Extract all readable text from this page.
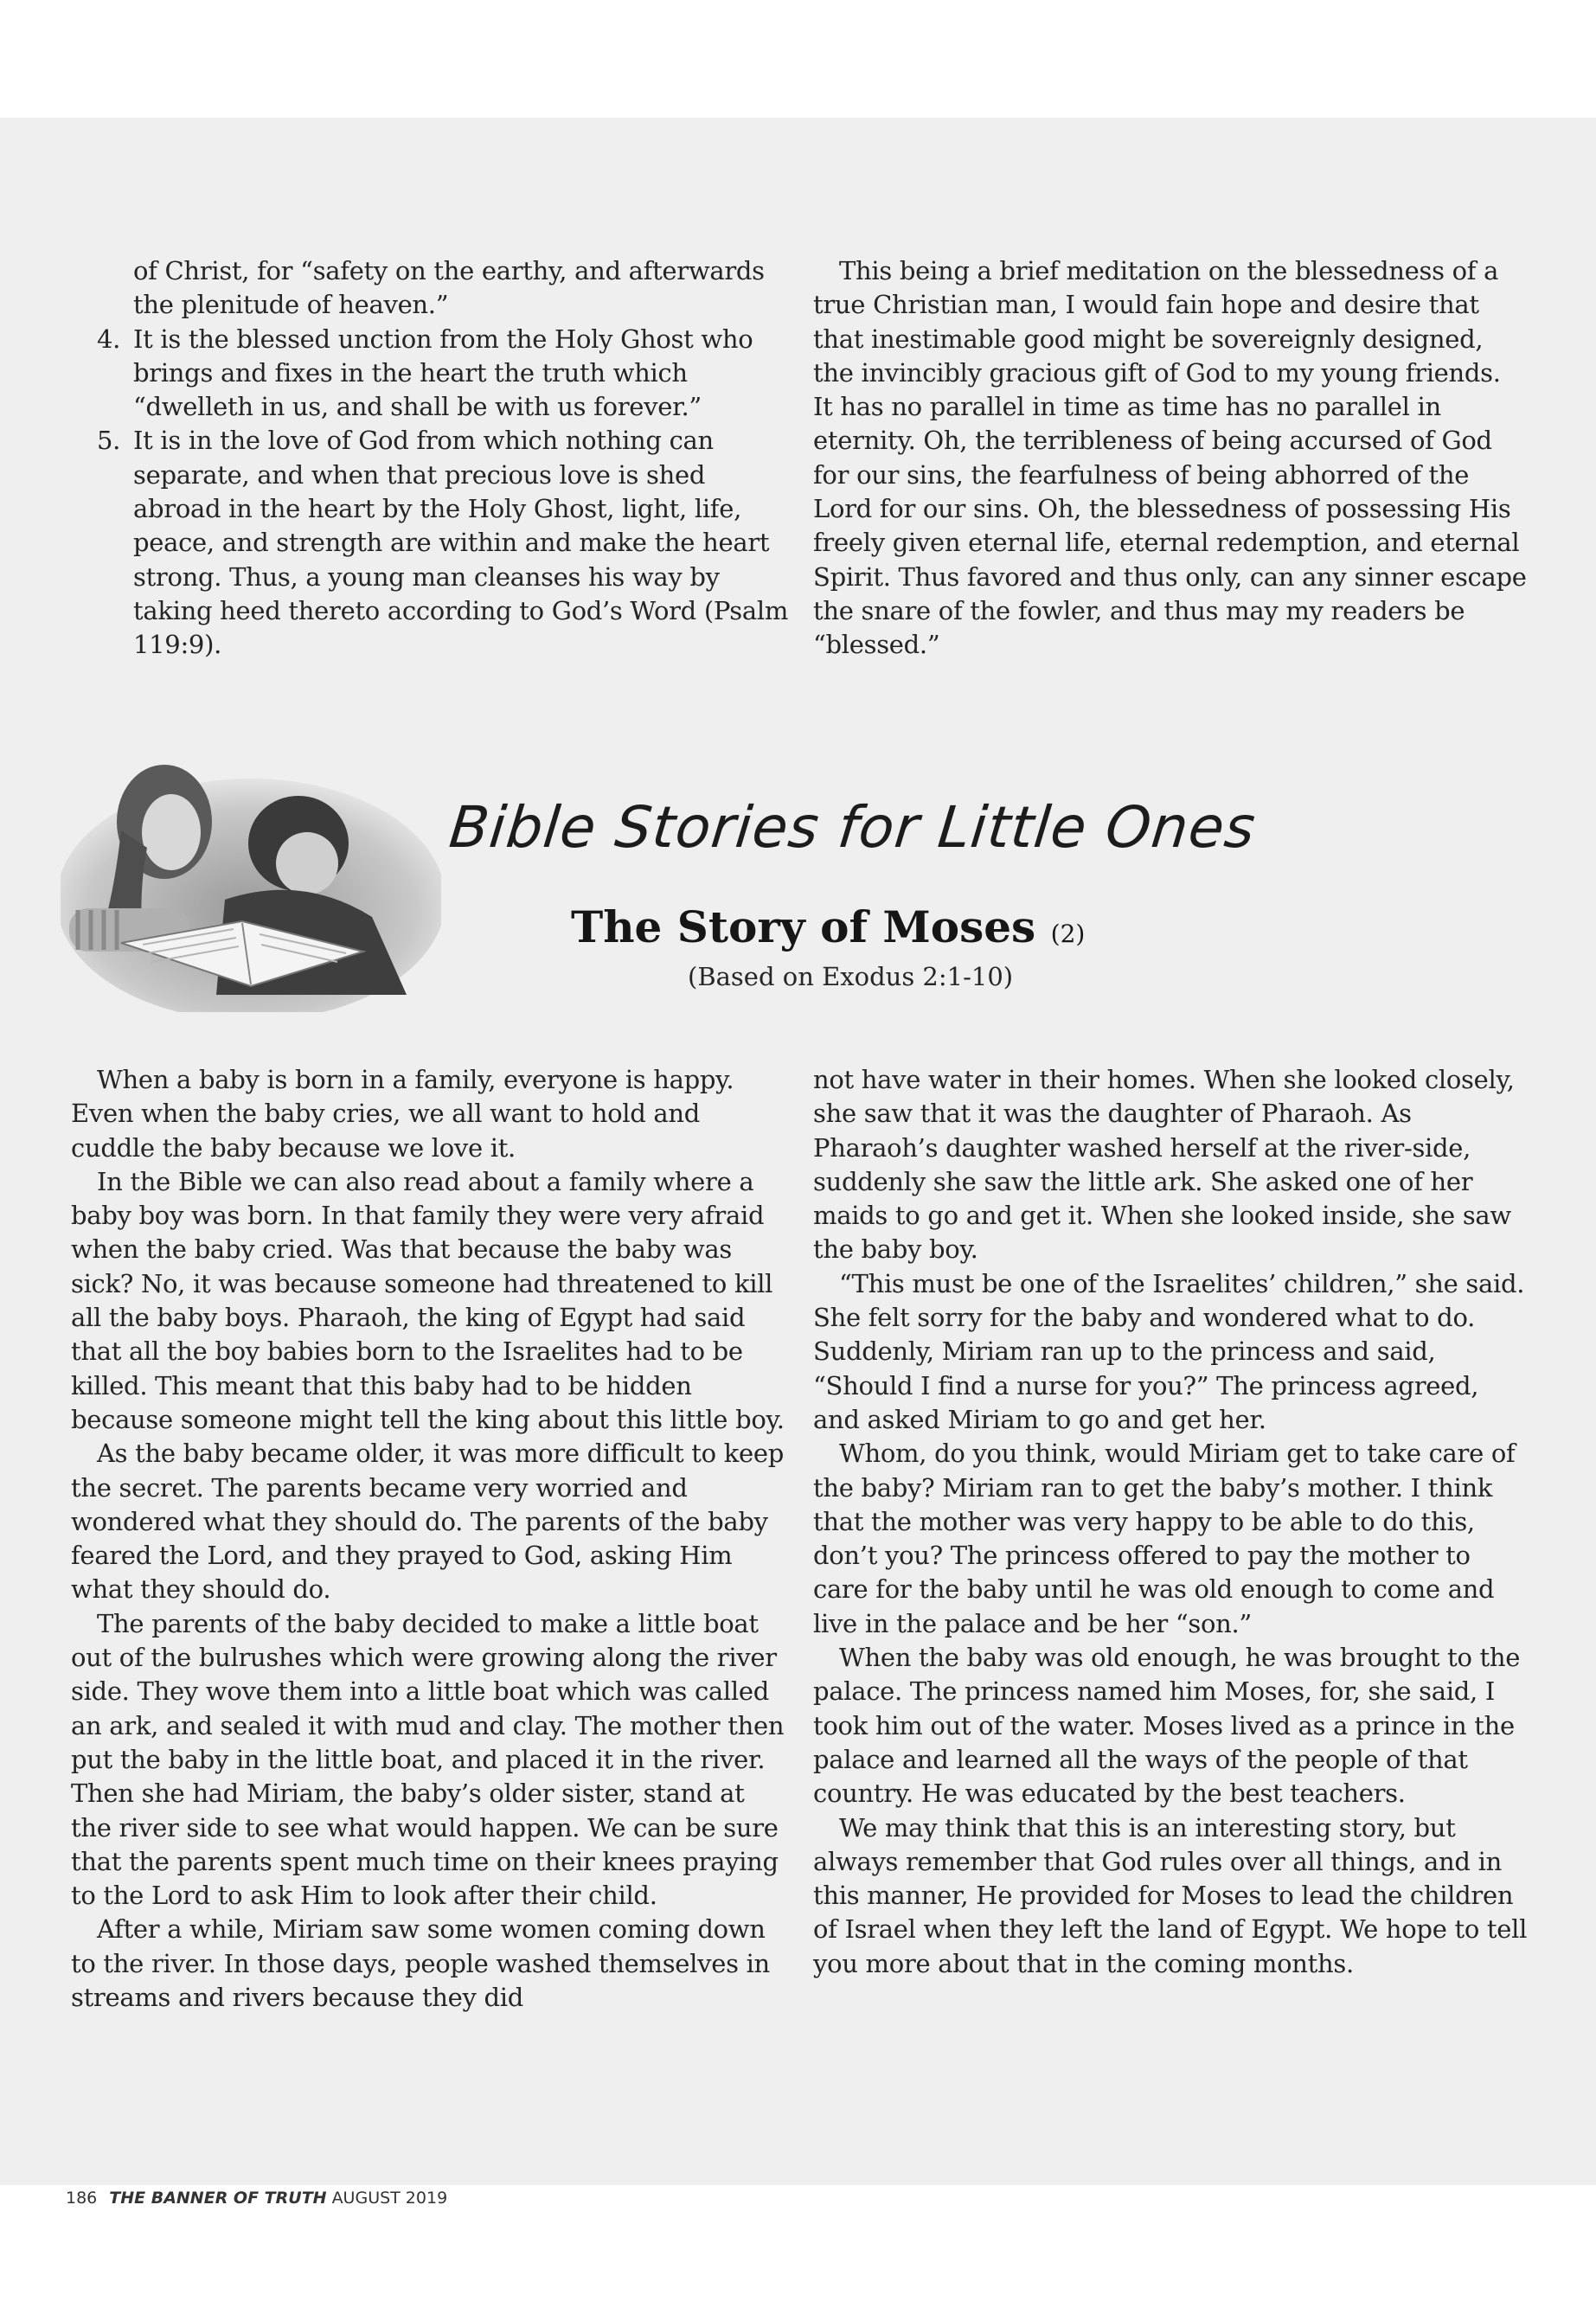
of Christ, for “safety on the earthy, and afterwards the plenitude of heaven.”
4. It is the blessed unction from the Holy Ghost who brings and fixes in the heart the truth which “dwelleth in us, and shall be with us forever.”
5. It is in the love of God from which nothing can separate, and when that precious love is shed abroad in the heart by the Holy Ghost, light, life, peace, and strength are within and make the heart strong. Thus, a young man cleanses his way by taking heed thereto according to God’s Word (Psalm 119:9).

This being a brief meditation on the blessedness of a true Christian man, I would fain hope and desire that that inestimable good might be sovereignly designed, the invincibly gracious gift of God to my young friends. It has no parallel in time as time has no parallel in eternity. Oh, the terribleness of being accursed of God for our sins, the fearfulness of being abhorred of the Lord for our sins. Oh, the blessedness of possessing His freely given eternal life, eternal redemption, and eternal Spirit. Thus favored and thus only, can any sinner escape the snare of the fowler, and thus may my readers be “blessed.”

Bible Stories for Little Ones
The Story of Moses (2)
(Based on Exodus 2:1-10)

When a baby is born in a family, everyone is happy. Even when the baby cries, we all want to hold and cuddle the baby because we love it.

In the Bible we can also read about a family where a baby boy was born. In that family they were very afraid when the baby cried. Was that because the baby was sick? No, it was because someone had threatened to kill all the baby boys. Pharaoh, the king of Egypt had said that all the boy babies born to the Israelites had to be killed. This meant that this baby had to be hidden because someone might tell the king about this little boy.

As the baby became older, it was more difficult to keep the secret. The parents became very worried and wondered what they should do. The parents of the baby feared the Lord, and they prayed to God, asking Him what they should do.

The parents of the baby decided to make a little boat out of the bulrushes which were growing along the river side. They wove them into a little boat which was called an ark, and sealed it with mud and clay. The mother then put the baby in the little boat, and placed it in the river. Then she had Miriam, the baby’s older sister, stand at the river side to see what would happen. We can be sure that the parents spent much time on their knees praying to the Lord to ask Him to look after their child.

After a while, Miriam saw some women coming down to the river. In those days, people washed themselves in streams and rivers because they did

not have water in their homes. When she looked closely, she saw that it was the daughter of Pharaoh. As Pharaoh’s daughter washed herself at the river-side, suddenly she saw the little ark. She asked one of her maids to go and get it. When she looked inside, she saw the baby boy.

“This must be one of the Israelites’ children,” she said. She felt sorry for the baby and wondered what to do. Suddenly, Miriam ran up to the princess and said, “Should I find a nurse for you?” The princess agreed, and asked Miriam to go and get her.

Whom, do you think, would Miriam get to take care of the baby? Miriam ran to get the baby’s mother. I think that the mother was very happy to be able to do this, don’t you? The princess offered to pay the mother to care for the baby until he was old enough to come and live in the palace and be her “son.”

When the baby was old enough, he was brought to the palace. The princess named him Moses, for, she said, I took him out of the water. Moses lived as a prince in the palace and learned all the ways of the people of that country. He was educated by the best teachers.

We may think that this is an interesting story, but always remember that God rules over all things, and in this manner, He provided for Moses to lead the children of Israel when they left the land of Egypt. We hope to tell you more about that in the coming months.

186 THE BANNER OF TRUTH AUGUST 2019
